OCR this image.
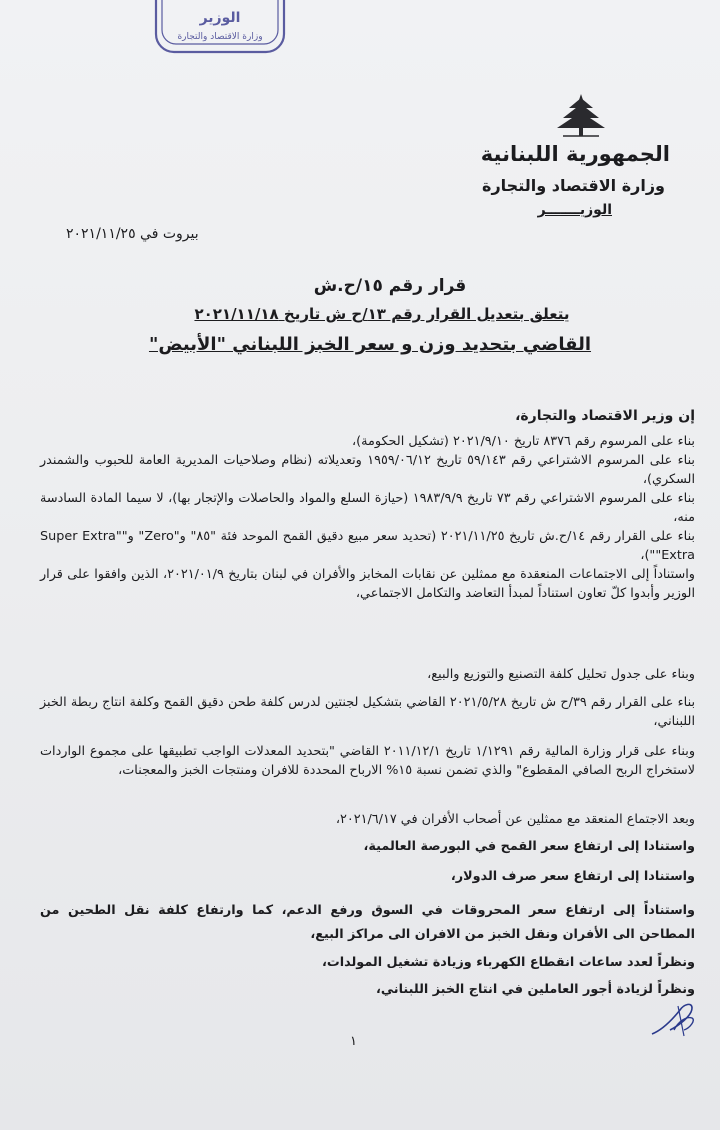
الوزير
وزارة الاقتصاد والتجارة
الجمهورية اللبنانية
وزارة الاقتصاد والتجارة
الوزيـــــــر
بيروت في ٢٠٢١/١١/٢٥
قرار رقم ١٥/ح.ش
يتعلق بتعديل القرار رقم ١٣/ح ش تاريخ ٢٠٢١/١١/١٨
القاضي بتحديد وزن و سعر الخبز اللبناني "الأبيض"

إن وزير الاقتصاد والتجارة،

بناء على المرسوم رقم ٨٣٧٦ تاريخ ٢٠٢١/٩/١٠ (تشكيل الحكومة)،

بناء على المرسوم الاشتراعي رقم ٥٩/١٤٣ تاريخ ١٩٥٩/٠٦/١٢ وتعديلاته (نظام وصلاحيات المديرية العامة للحبوب والشمندر السكري)،

بناء على المرسوم الاشتراعي رقم ٧٣ تاريخ ١٩٨٣/٩/٩ (حيازة السلع والمواد والحاصلات والإتجار بها)، لا سيما المادة السادسة منه،

بناء على القرار رقم ١٤/ح.ش تاريخ ٢٠٢١/١١/٢٥ (تحديد سعر مبيع دقيق القمح الموحد فئة "٨٥" و"Zero" و"Super Extra" "Extra")،

واستناداً إلى الاجتماعات المنعقدة مع ممثلين عن نقابات المخابز والأفران في لبنان بتاريخ ٢٠٢١/٠١/٩، الذين وافقوا على قرار الوزير وأبدوا كلّ تعاون استناداً لمبدأ التعاضد والتكامل الاجتماعي،

وبناء على جدول تحليل كلفة التصنيع والتوزيع والبيع،

بناء على القرار رقم ٣٩/ح ش تاريخ ٢٠٢١/٥/٢٨ القاضي بتشكيل لجنتين لدرس كلفة طحن دقيق القمح وكلفة انتاج ربطة الخبز اللبناني،

وبناء على قرار وزارة المالية رقم ١/١٢٩١ تاريخ ٢٠١١/١٢/١ القاضي "بتحديد المعدلات الواجب تطبيقها على مجموع الواردات لاستخراج الربح الصافي المقطوع" والذي تضمن نسبة ١٥% الارباح المحددة للافران ومنتجات الخبز والمعجنات،

وبعد الاجتماع المنعقد مع ممثلين عن أصحاب الأفران في ٢٠٢١/٦/١٧،

واستنادا إلى ارتفاع سعر القمح في البورصة العالمية،

واستنادا إلى ارتفاع سعر صرف الدولار،

واستناداً إلى ارتفاع سعر المحروقات في السوق ورفع الدعم، كما وارتفاع كلفة نقل الطحين من المطاحن الى الأفران ونقل الخبز من الافران الى مراكز البيع،

ونظراً لعدد ساعات انقطاع الكهرباء وزيادة تشغيل المولدات،

ونظراً لزيادة أجور العاملين في انتاج الخبز اللبناني،

١
